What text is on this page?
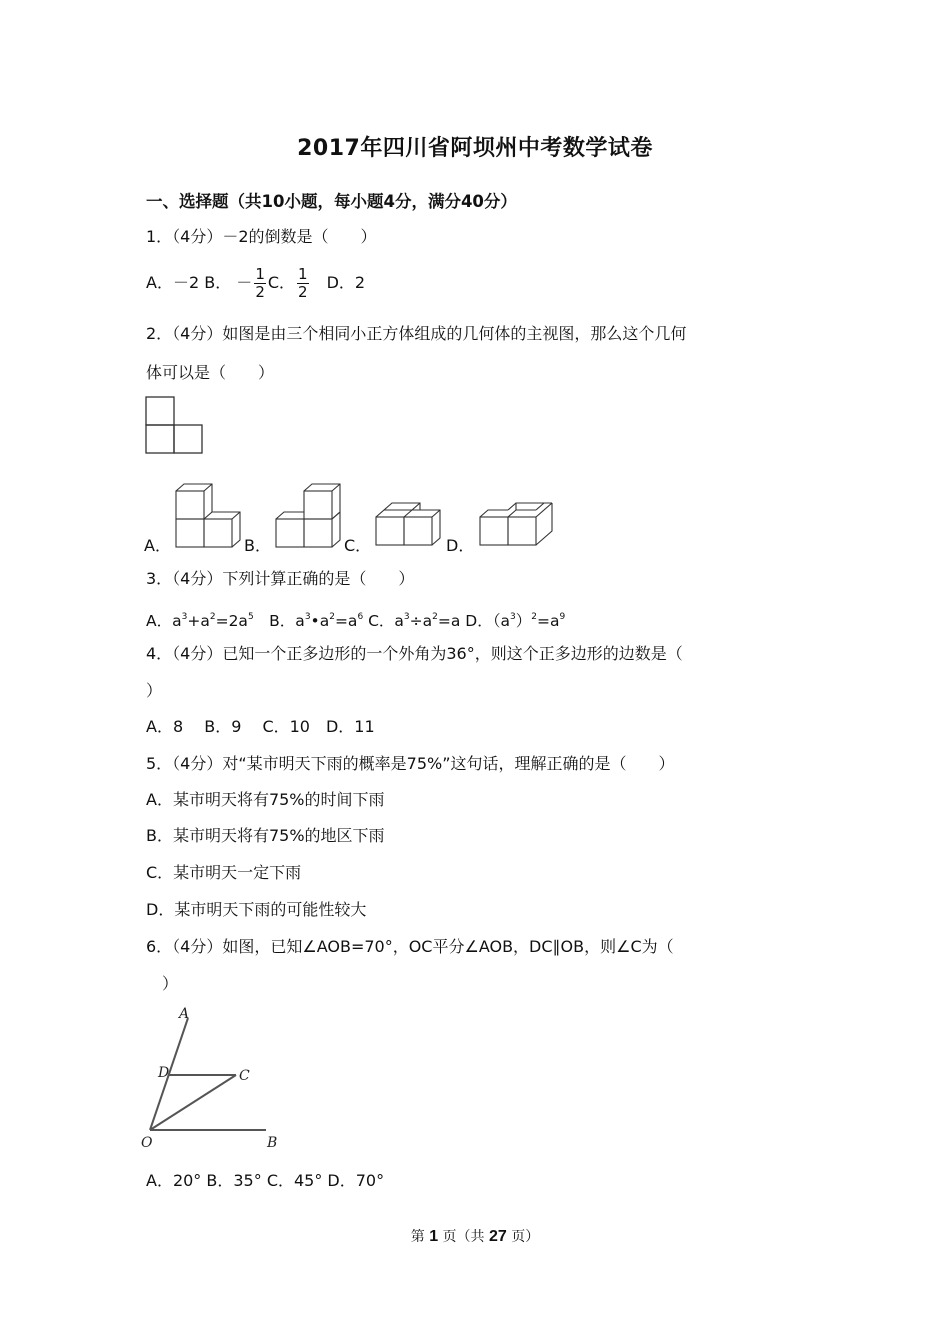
2017年四川省阿坝州中考数学试卷
一、选择题（共10小题，每小题4分，满分40分）
1．（4分）－2的倒数是（　　）
A．－2 B． － $\frac{1}{2}$ C． $\frac{1}{2}$ 　D．2
2．（4分）如图是由三个相同小正方体组成的几何体的主视图，那么这个几何
体可以是（　　）
A．	B．	C．	D．
3．（4分）下列计算正确的是（　　）
A．$a^3+a^2=2a^5$　B．$a^3•a^2=a^6$ C．$a^3\div a^2=a$ D．$(a^3)^2=a^9$
4．（4分）已知一个正多边形的一个外角为36°，则这个正多边形的边数是（
）
A．8　 B．9　 C．10　D．11
5．（4分）对“某市明天下雨的概率是75%”这句话，理解正确的是（　　）
A．某市明天将有75%的时间下雨
B．某市明天将有75%的地区下雨
C．某市明天一定下雨
D．某市明天下雨的可能性较大
6．（4分）如图，已知∠AOB=70°，OC平分∠AOB，DC∥OB，则∠C为（
）
A
D	C
O	B
A．20° B．35° C．45° D．70°
第 1 页（共 27 页）
